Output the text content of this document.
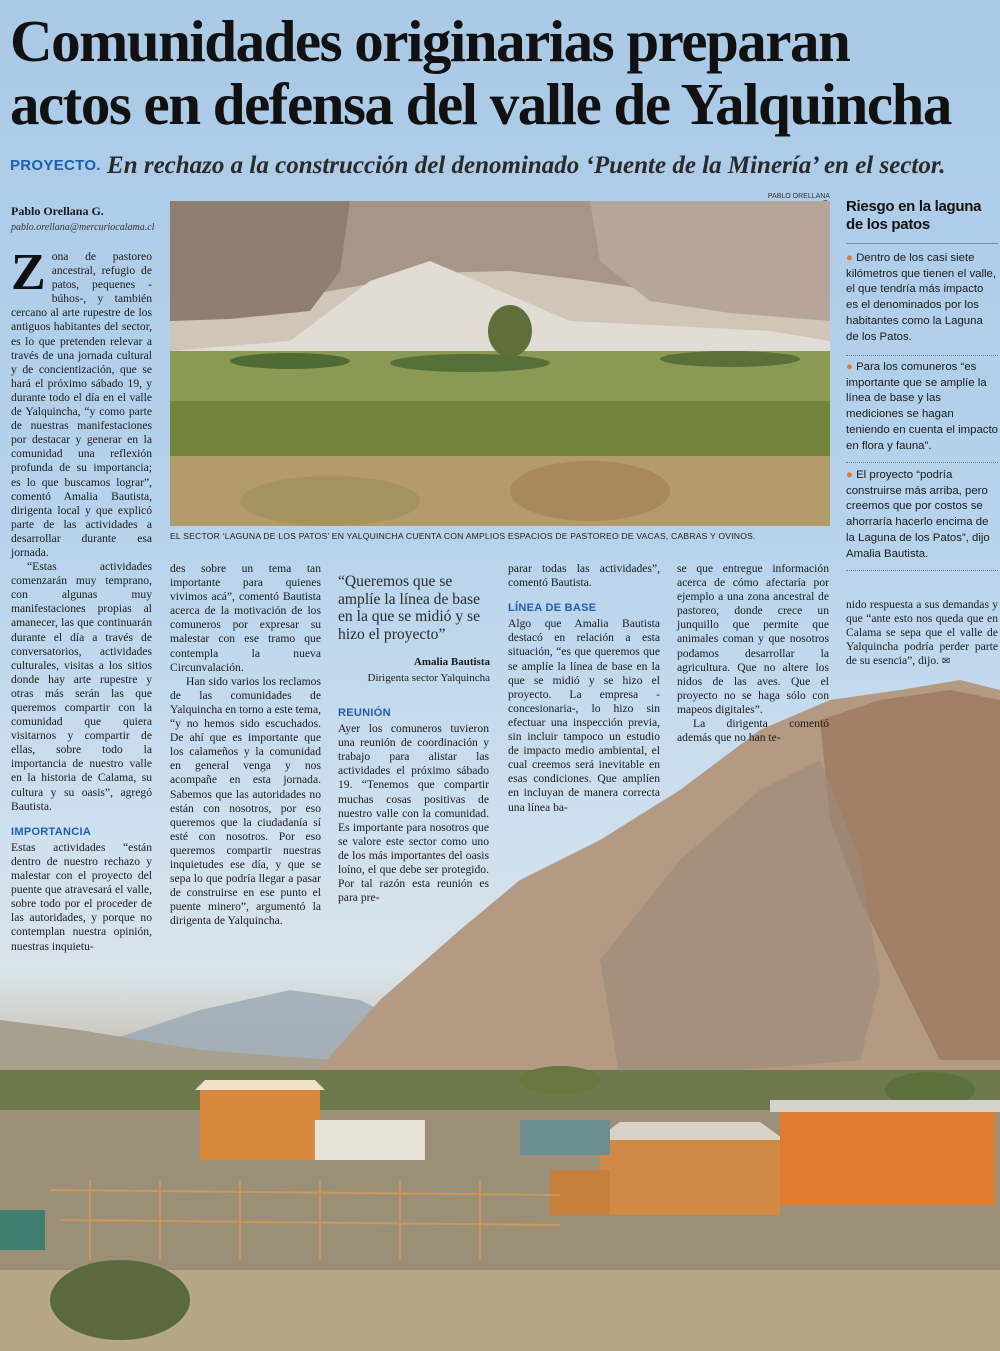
Comunidades originarias preparan
actos en defensa del valle de Yalquincha
PROYECTO. En rechazo a la construcción del denominado ‘Puente de la Minería’ en el sector.
Pablo Orellana G.
pablo.orellana@mercuriocalama.cl
PABLO ORELLANA
EL SECTOR ‘LAGUNA DE LOS PATOS’ EN YALQUINCHA CUENTA CON AMPLIOS ESPACIOS DE PASTOREO DE VACAS, CABRAS Y OVINOS.

Z ona de pastoreo ancestral, refugio de patos, pequenes -búhos-, y también cercano al arte rupestre de los antiguos habitantes del sector, es lo que pretenden relevar a través de una jornada cultural y de concientización, que se hará el próximo sábado 19, y durante todo el día en el valle de Yalquincha, “y como parte de nuestras manifestaciones por destacar y generar en la comunidad una reflexión profunda de su importancia; es lo que buscamos lograr”, comentó Amalia Bautista, dirigenta local y que explicó parte de las actividades a desarrollar durante esa jornada.

“Estas actividades comenzarán muy temprano, con algunas muy manifestaciones propias al amanecer, las que continuarán durante el día a través de conversatorios, actividades culturales, visitas a los sitios donde hay arte rupestre y otras más serán las que queremos compartir con la comunidad que quiera visitarnos y compartir de ellas, sobre todo la importancia de nuestro valle en la historia de Calama, su cultura y su oasis”, agregó Bautista.

IMPORTANCIA

Estas actividades “están dentro de nuestro rechazo y malestar con el proyecto del puente que atravesará el valle, sobre todo por el proceder de las autoridades, y porque no contemplan nuestra opinión, nuestras inquietu-

des sobre un tema tan importante para quienes vivimos acá”, comentó Bautista acerca de la motivación de los comuneros por expresar su malestar con ese tramo que contempla la nueva Circunvalación.

Han sido varios los reclamos de las comunidades de Yalquincha en torno a este tema, “y no hemos sido escuchados. De ahí que es importante que los calameños y la comunidad en general venga y nos acompañe en esta jornada. Sabemos que las autoridades no están con nosotros, por eso queremos que la ciudadanía sí esté con nosotros. Por eso queremos compartir nuestras inquietudes ese día, y que se sepa lo que podría llegar a pasar de construirse en ese punto el puente minero”, argumentó la dirigenta de Yalquincha.

“Queremos que se amplíe la línea de base en la que se midió y se hizo el proyecto”
Amalia Bautista
Dirigenta sector Yalquincha
REUNIÓN

Ayer los comuneros tuvieron una reunión de coordinación y trabajo para alistar las actividades el próximo sábado 19. “Tenemos que compartir muchas cosas positivas de nuestro valle con la comunidad. Es importante para nosotros que se valore este sector como uno de los más importantes del oasis loíno, el que debe ser protegido. Por tal razón esta reunión es para pre-

parar todas las actividades”, comentó Bautista.

LÍNEA DE BASE

Algo que Amalia Bautista destacó en relación a esta situación, “es que queremos que se amplíe la línea de base en la que se midió y se hizo el proyecto. La empresa -concesionaria-, lo hizo sin efectuar una inspección previa, sin incluir tampoco un estudio de impacto medio ambiental, el cual creemos será inevitable en esas condiciones. Que amplíen en incluyan de manera correcta una línea ba-

se que entregue información acerca de cómo afectaría por ejemplo a una zona ancestral de pastoreo, donde crece un junquillo que permite que animales coman y que nosotros podamos desarrollar la agricultura. Que no altere los nidos de las aves. Que el proyecto no se haga sólo con mapeos digitales”.

La dirigenta comentó además que no han te-

nido respuesta a sus demandas y que “ante esto nos queda que en Calama se sepa que el valle de Yalquincha podría perder parte de su esencia”, dijo. ✉

Riesgo en la laguna de los patos
● Dentro de los casi siete kilómetros que tienen el valle, el que tendría más impacto es el denominados por los habitantes como la Laguna de los Patos.
● Para los comuneros “es importante que se amplíe la línea de base y las mediciones se hagan teniendo en cuenta el impacto en flora y fauna”.
● El proyecto “podría construirse más arriba, pero creemos que por costos se ahorraría hacerlo encima de la Laguna de los Patos”, dijo Amalia Bautista.
